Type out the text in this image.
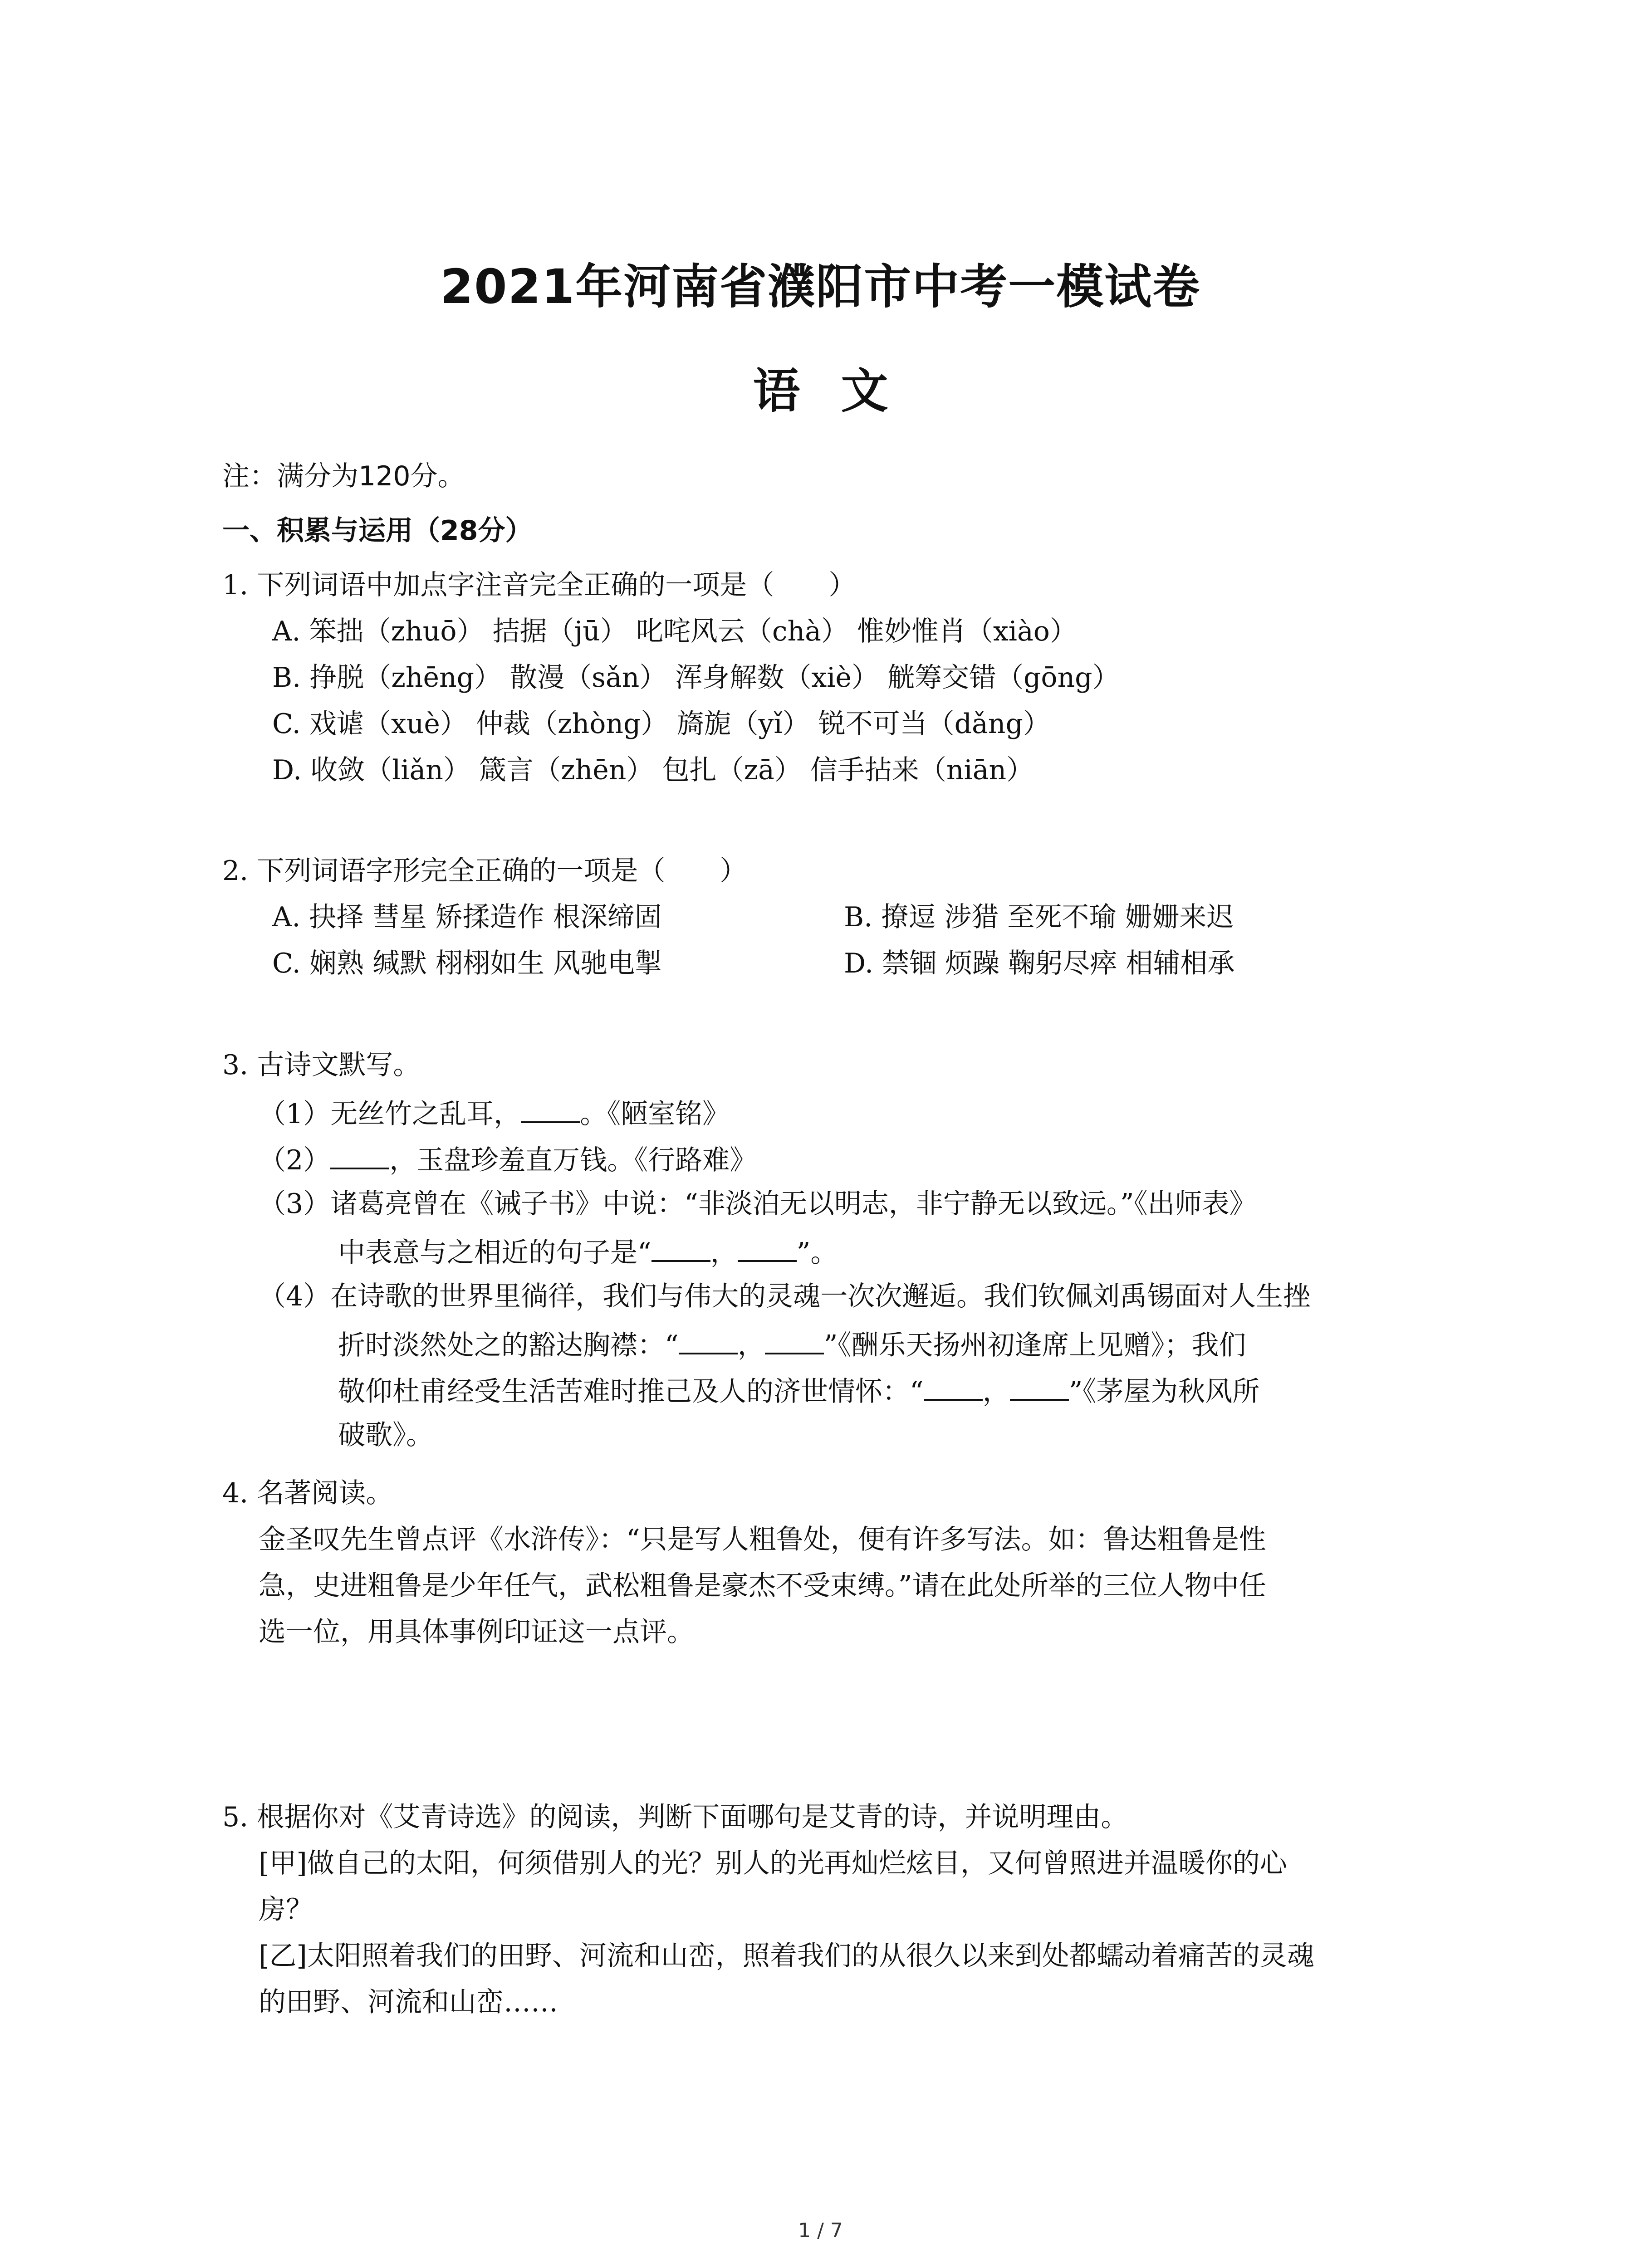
2021年河南省濮阳市中考一模试卷
语文
注：满分为120分。
一、积累与运用（28分）
1. 下列词语中加点字注音完全正确的一项是（　　）
A. 笨拙（zhuō） 拮据（jū） 叱咤风云（chà） 惟妙惟肖（xiào）
B. 挣脱（zhēng） 散漫（sǎn） 浑身解数（xiè） 觥筹交错（gōng）
C. 戏谑（xuè） 仲裁（zhòng） 旖旎（yǐ） 锐不可当（dǎng）
D. 收敛（liǎn） 箴言（zhēn） 包扎（zā） 信手拈来（niān）
2. 下列词语字形完全正确的一项是（　　）
A. 抉择 彗星 矫揉造作 根深缔固	B. 撩逗 涉猎 至死不瑜 姗姗来迟
C. 娴熟 缄默 栩栩如生 风驰电掣	D. 禁锢 烦躁 鞠躬尽瘁 相辅相承
3. 古诗文默写。
（1）无丝竹之乱耳， 。《陋室铭》
（2） ，玉盘珍羞直万钱。《行路难》
（3）诸葛亮曾在《诫子书》中说：“非淡泊无以明志，非宁静无以致远。”《出师表》
中表意与之相近的句子是“ ， ”。
（4）在诗歌的世界里徜徉，我们与伟大的灵魂一次次邂逅。我们钦佩刘禹锡面对人生挫
折时淡然处之的豁达胸襟：“ ， ”《酬乐天扬州初逢席上见赠》；我们
敬仰杜甫经受生活苦难时推己及人的济世情怀：“ ， ”《茅屋为秋风所
破歌》。
4. 名著阅读。
金圣叹先生曾点评《水浒传》：“只是写人粗鲁处，便有许多写法。如：鲁达粗鲁是性
急，史进粗鲁是少年任气，武松粗鲁是豪杰不受束缚。”请在此处所举的三位人物中任
选一位，用具体事例印证这一点评。
5. 根据你对《艾青诗选》的阅读，判断下面哪句是艾青的诗，并说明理由。
[甲]做自己的太阳，何须借别人的光？别人的光再灿烂炫目，又何曾照进并温暖你的心
房？
[乙]太阳照着我们的田野、河流和山峦，照着我们的从很久以来到处都蠕动着痛苦的灵魂
的田野、河流和山峦……
1 / 7
